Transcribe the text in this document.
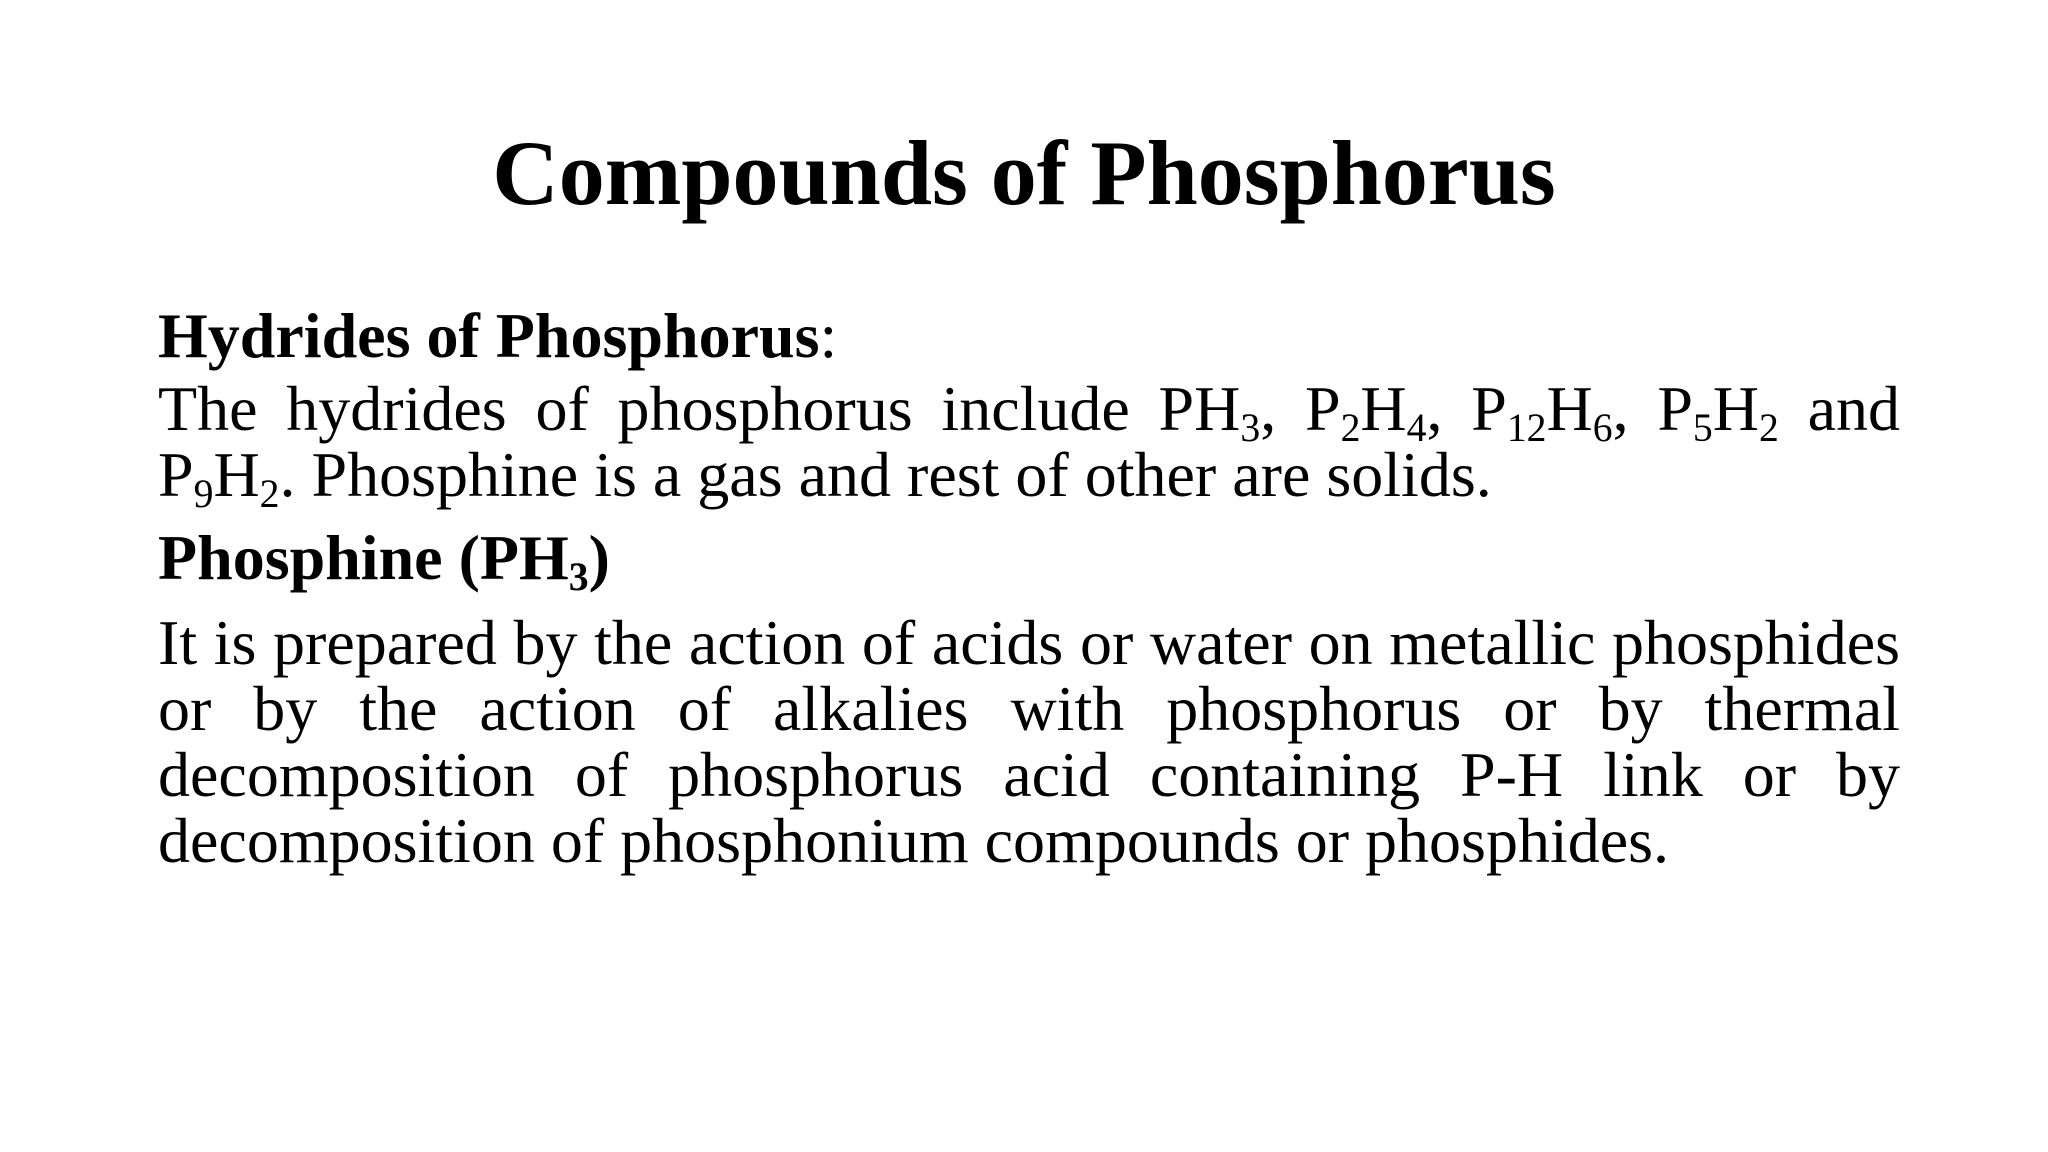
Compounds of Phosphorus

Hydrides of Phosphorus:

The hydrides of phosphorus include $PH_3$, $P_2H_4$, $P_{12}H_6$, $P_5H_2$ and $P_9H_2$. Phosphine is a gas and rest of other are solids.

Phosphine $(PH_3)$

It is prepared by the action of acids or water on metallic phosphides or by the action of alkalies with phosphorus or by thermal decomposition of phosphorus acid containing P-H link or by decomposition of phosphonium compounds or phosphides.
